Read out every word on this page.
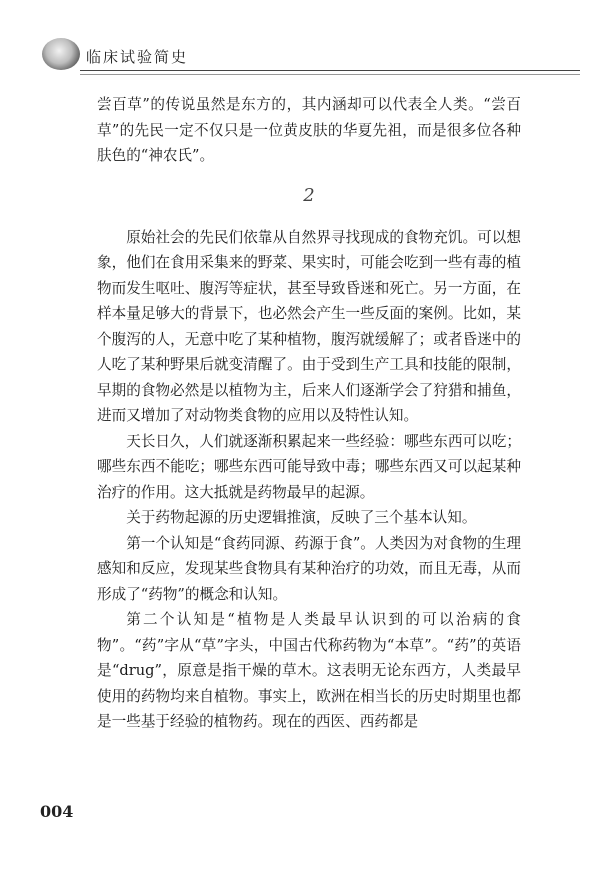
临床试验简史

尝百草”的传说虽然是东方的，其内涵却可以代表全人类。“尝百草”的先民一定不仅只是一位黄皮肤的华夏先祖，而是很多位各种肤色的“神农氏”。

2

原始社会的先民们依靠从自然界寻找现成的食物充饥。可以想象，他们在食用采集来的野菜、果实时，可能会吃到一些有毒的植物而发生呕吐、腹泻等症状，甚至导致昏迷和死亡。另一方面，在样本量足够大的背景下，也必然会产生一些反面的案例。比如，某个腹泻的人，无意中吃了某种植物，腹泻就缓解了；或者昏迷中的人吃了某种野果后就变清醒了。由于受到生产工具和技能的限制，早期的食物必然是以植物为主，后来人们逐渐学会了狩猎和捕鱼，进而又增加了对动物类食物的应用以及特性认知。

天长日久，人们就逐渐积累起来一些经验：哪些东西可以吃；哪些东西不能吃；哪些东西可能导致中毒；哪些东西又可以起某种治疗的作用。这大抵就是药物最早的起源。

关于药物起源的历史逻辑推演，反映了三个基本认知。

第一个认知是“食药同源、药源于食”。人类因为对食物的生理感知和反应，发现某些食物具有某种治疗的功效，而且无毒，从而形成了“药物”的概念和认知。

第二个认知是“植物是人类最早认识到的可以治病的食物”。“药”字从“草”字头，中国古代称药物为“本草”。“药”的英语是“drug”，原意是指干燥的草木。这表明无论东西方，人类最早使用的药物均来自植物。事实上，欧洲在相当长的历史时期里也都是一些基于经验的植物药。现在的西医、西药都是

004
